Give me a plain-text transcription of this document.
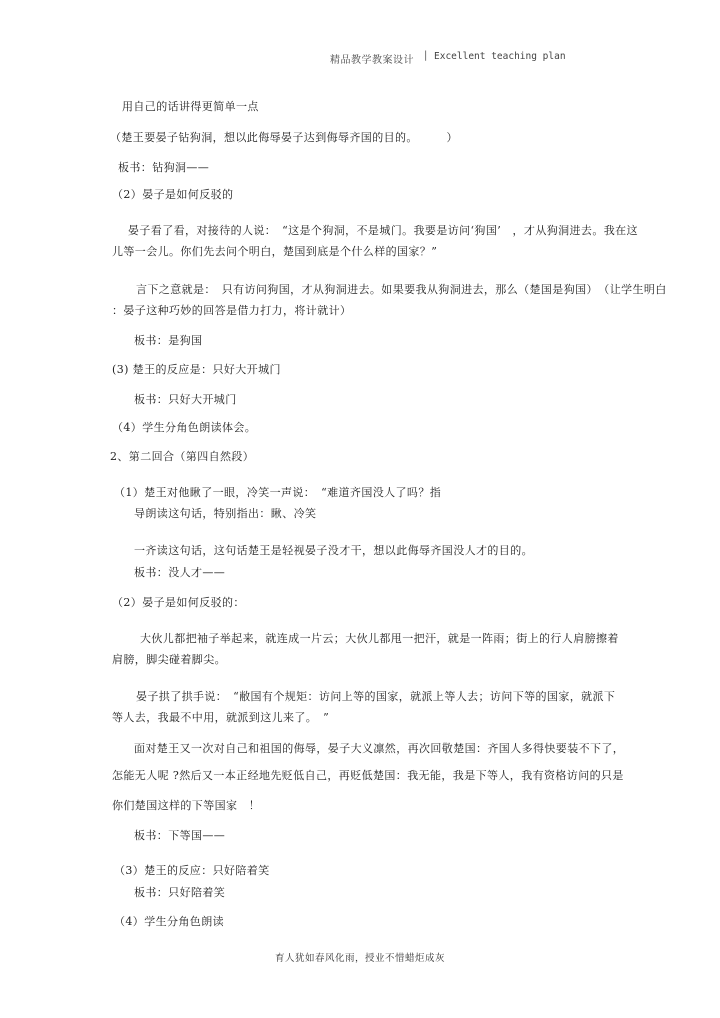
精品教学教案设计 | Excellent teaching plan
用自己的话讲得更简单一点
（楚王要晏子钻狗洞，想以此侮辱晏子达到侮辱齐国的目的。　　　）
板书：钻狗洞——
（2）晏子是如何反驳的
晏子看了看，对接待的人说：　“这是个狗洞，不是城门。我要是访问‘狗国’　，才从狗洞进去。我在这
儿等一会儿。你们先去问个明白，楚国到底是个什么样的国家？”
言下之意就是：　只有访问狗国，才从狗洞进去。如果要我从狗洞进去，那么（楚国是狗国）　（让学生明白
：晏子这种巧妙的回答是借力打力，将计就计）
板书：是狗国
(3) 楚王的反应是：只好大开城门
板书：只好大开城门
（4）学生分角色朗读体会。
2、第二回合（第四自然段）
（1）楚王对他瞅了一眼，冷笑一声说：　“难道齐国没人了吗？指
导朗读这句话，特别指出：瞅、冷笑
一齐读这句话，这句话楚王是轻视晏子没才干，想以此侮辱齐国没人才的目的。
板书：没人才——
（2）晏子是如何反驳的：
大伙儿都把袖子举起来，就连成一片云；大伙儿都甩一把汗，就是一阵雨；街上的行人肩膀擦着
肩膀，脚尖碰着脚尖。
晏子拱了拱手说：　“敝国有个规矩：访问上等的国家，就派上等人去；访问下等的国家，就派下
等人去，我最不中用，就派到这儿来了。　”
面对楚王又一次对自己和祖国的侮辱，晏子大义凛然，再次回敬楚国：齐国人多得快要装不下了，
怎能无人呢 ?然后又一本正经地先贬低自己，再贬低楚国：我无能，我是下等人，我有资格访问的只是
你们楚国这样的下等国家　！
板书：下等国——
（3）楚王的反应：只好陪着笑
板书：只好陪着笑
（4）学生分角色朗读
育人犹如春风化雨，授业不惜蜡炬成灰
